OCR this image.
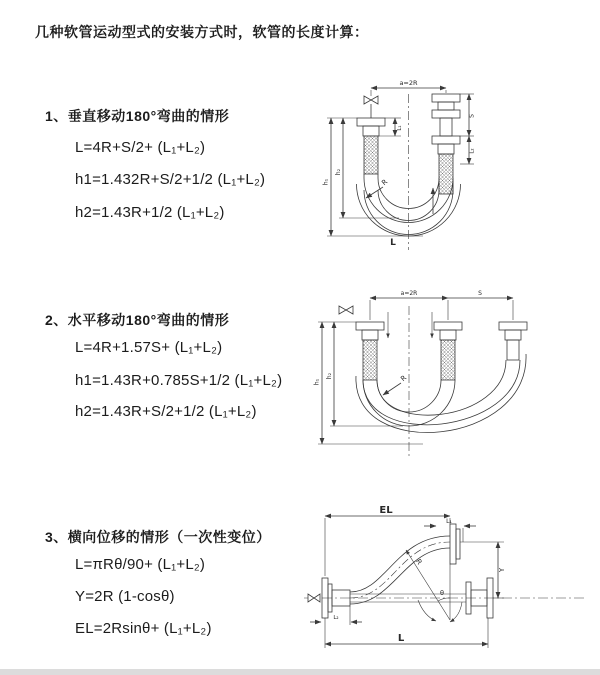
几种软管运动型式的安装方式时，软管的长度计算：
1、垂直移动180°弯曲的情形
L=4R+S/2+ (L₁+L₂)
h1=1.432R+S/2+1/2 (L₁+L₂)
h2=1.43R+1/2 (L₁+L₂)
a=2R
h₁
h₂
L₁
S
L₂
R
L
2、水平移动180°弯曲的情形
L=4R+1.57S+ (L₁+L₂)
h1=1.43R+0.785S+1/2 (L₁+L₂)
h2=1.43R+S/2+1/2 (L₁+L₂)
a=2R	S
h₁
h₂	R
3、横向位移的情形（一次性变位）
L=πRθ/90+ (L₁+L₂)
Y=2R (1-cosθ)
EL=2Rsinθ+ (L₁+L₂)
EL
L₁
Y
R
θ
L
L₂
